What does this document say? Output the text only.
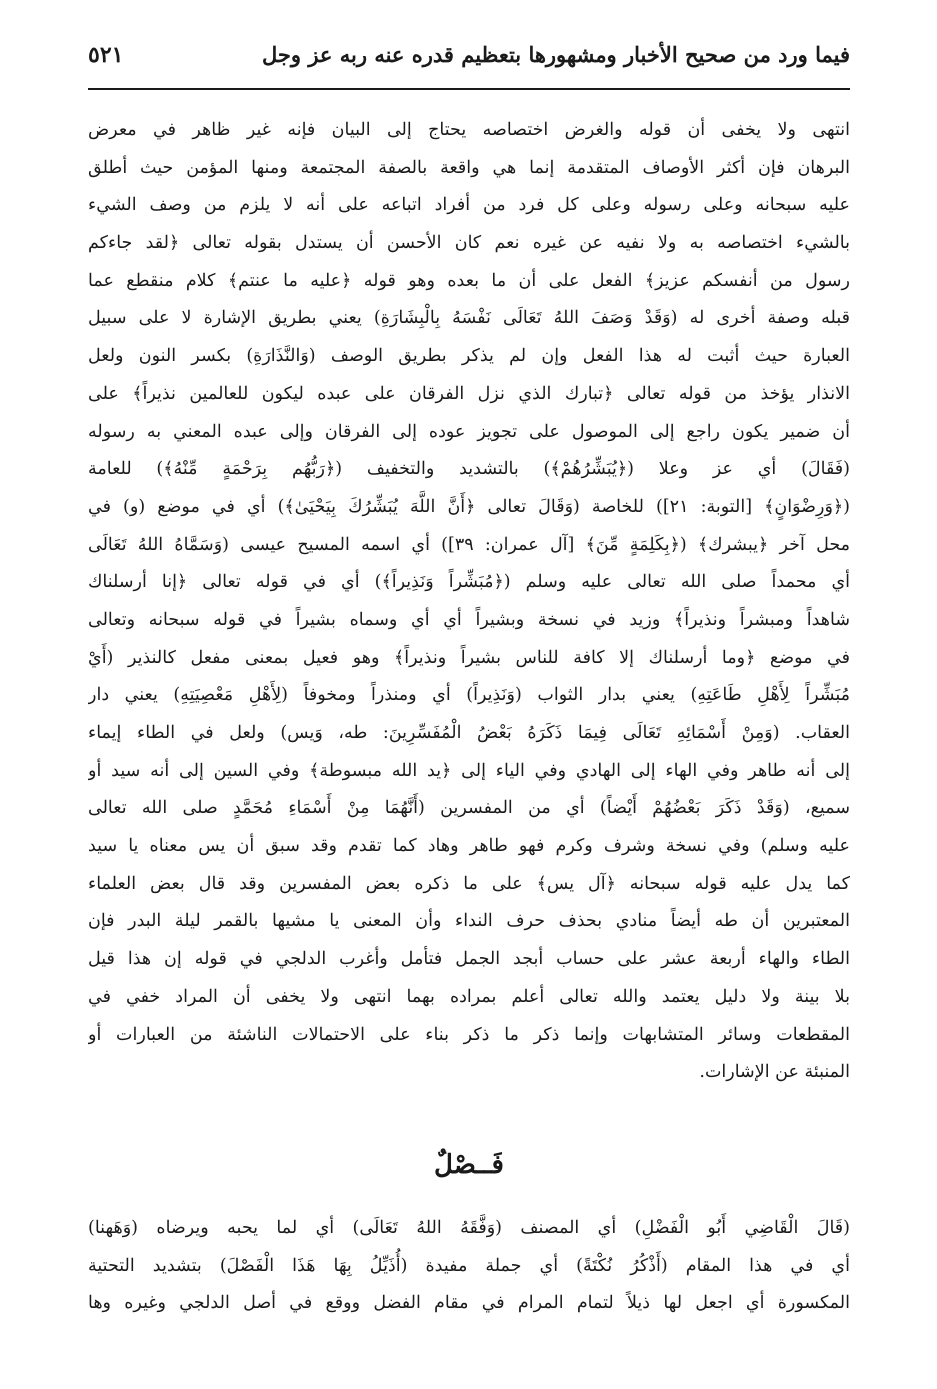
فيما ورد من صحيح الأخبار ومشهورها بتعظيم قدره عنه ربه عز وجل
٥٢١
انتهى ولا يخفى أن قوله والغرض اختصاصه يحتاج إلى البيان فإنه غير ظاهر في معرض
البرهان فإن أكثر الأوصاف المتقدمة إنما هي واقعة بالصفة المجتمعة ومنها المؤمن حيث أطلق
عليه سبحانه وعلى رسوله وعلى كل فرد من أفراد اتباعه على أنه لا يلزم من وصف الشيء
بالشيء اختصاصه به ولا نفيه عن غيره نعم كان الأحسن أن يستدل بقوله تعالى ﴿لقد جاءكم
رسول من أنفسكم عزيز﴾ الفعل على أن ما بعده وهو قوله ﴿عليه ما عنتم﴾ كلام منقطع عما
قبله وصفة أخرى له (وَقَدْ وَصَفَ اللهُ تَعَالَى نَفْسَهُ بِالْبِشَارَةِ) يعني بطريق الإشارة لا على سبيل
العبارة حيث أثبت له هذا الفعل وإن لم يذكر بطريق الوصف (وَالنَّذَارَةِ) بكسر النون ولعل
الانذار يؤخذ من قوله تعالى ﴿تبارك الذي نزل الفرقان على عبده ليكون للعالمين نذيراً﴾ على
أن ضمير يكون راجع إلى الموصول على تجويز عوده إلى الفرقان وإلى عبده المعني به رسوله
(فَقَالَ) أي عز وعلا (﴿يُبَشِّرُهُمْ﴾) بالتشديد والتخفيف (﴿رَبُّهُم بِرَحْمَةٍ مِّنْهُ﴾) للعامة
(﴿وَرِضْوَانٍ﴾ [التوبة: ٢١]) للخاصة (وَقَالَ تعالى ﴿أَنَّ اللَّهَ يُبَشِّرُكَ بِيَحْيَىٰ﴾) أي في موضع (و) في
محل آخر ﴿يبشرك﴾ (﴿بِكَلِمَةٍ مِّنَ﴾ [آل عمران: ٣٩]) أي اسمه المسيح عيسى (وَسَمَّاهُ اللهُ تَعَالَى
أي محمداً صلى الله تعالى عليه وسلم (﴿مُبَشِّراً وَنَذِيراً﴾) أي في قوله تعالى ﴿إنا أرسلناك
شاهداً ومبشراً ونذيراً﴾ وزيد في نسخة وبشيراً أي أي وسماه بشيراً في قوله سبحانه وتعالى
في موضع ﴿وما أرسلناك إلا كافة للناس بشيراً ونذيراً﴾ وهو فعيل بمعنى مفعل كالنذير (أَيْ
مُبَشِّراً لِأَهْلِ طَاعَتِهِ) يعني بدار الثواب (وَنَذِيراً) أي ومنذراً ومخوفاً (لِأَهْلِ مَعْصِيَتِهِ) يعني دار
العقاب. (وَمِنْ أَسْمَائِهِ تَعَالَى فِيمَا ذَكَرَهُ بَعْضُ الْمُفَسِّرِينَ: طه، وَيس) ولعل في الطاء إيماء
إلى أنه طاهر وفي الهاء إلى الهادي وفي الياء إلى ﴿يد الله مبسوطة﴾ وفي السين إلى أنه سيد أو
سميع، (وَقَدْ ذَكَرَ بَعْضُهُمْ أَيْضاً) أي من المفسرين (أَنَّهُمَا مِنْ أَسْمَاءِ مُحَمَّدٍ صلى الله تعالى
عليه وسلم) وفي نسخة وشرف وكرم فهو طاهر وهاد كما تقدم وقد سبق أن يس معناه يا سيد
كما يدل عليه قوله سبحانه ﴿آل يس﴾ على ما ذكره بعض المفسرين وقد قال بعض العلماء
المعتبرين أن طه أيضاً منادي بحذف حرف النداء وأن المعنى يا مشيها بالقمر ليلة البدر فإن
الطاء والهاء أربعة عشر على حساب أبجد الجمل فتأمل وأغرب الدلجي في قوله إن هذا قيل
بلا بينة ولا دليل يعتمد والله تعالى أعلم بمراده بهما انتهى ولا يخفى أن المراد خفي في
المقطعات وسائر المتشابهات وإنما ذكر ما ذكر بناء على الاحتمالات الناشئة من العبارات أو
المنبئة عن الإشارات.
فَــصْلٌ
(قَالَ الْقَاضِي أَبُو الْفَضْلِ) أي المصنف (وَفَّقَهُ اللهُ تَعَالَى) أي لما يحبه ويرضاه (وَهَهنا)
أي في هذا المقام (أَذْكُرُ نُكْتَةً) أي جملة مفيدة (أُذَيِّلُ بِهَا هَذَا الْفَصْلَ) بتشديد التحتية
المكسورة أي اجعل لها ذيلاً لتمام المرام في مقام الفضل ووقع في أصل الدلجي وغيره وها
